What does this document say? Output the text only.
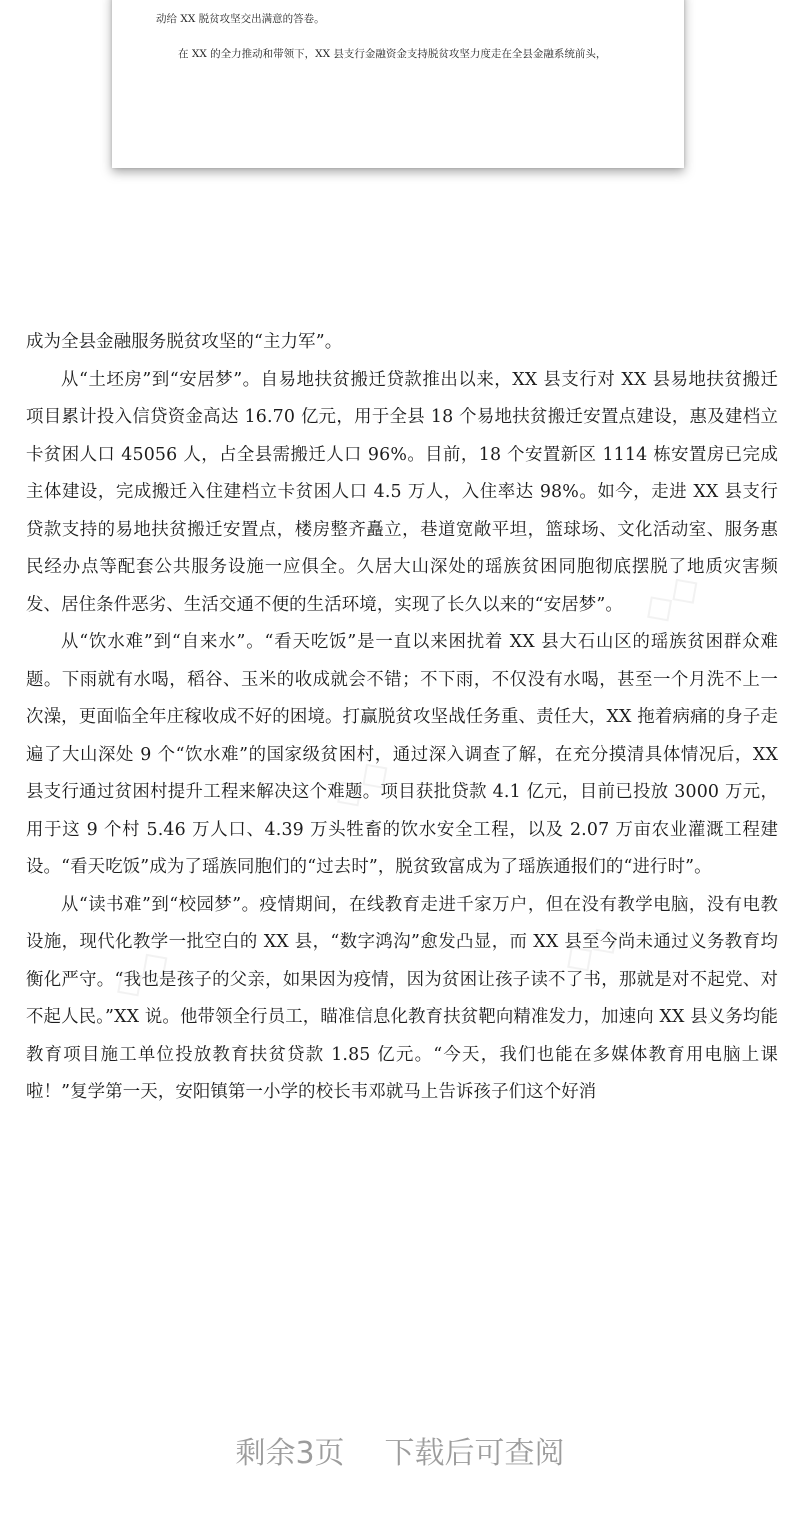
动给 XX 脱贫攻坚交出满意的答卷。
在 XX 的全力推动和带领下，XX 县支行金融资金支持脱贫攻坚力度走在全县金融系统前头，
◇◇
◇◇
◇◇
◇◇

成为全县金融服务脱贫攻坚的“主力军”。

从“土坯房”到“安居梦”。自易地扶贫搬迁贷款推出以来，XX 县支行对 XX 县易地扶贫搬迁项目累计投入信贷资金高达 16.70 亿元，用于全县 18 个易地扶贫搬迁安置点建设，惠及建档立卡贫困人口 45056 人，占全县需搬迁人口 96%。目前，18 个安置新区 1114 栋安置房已完成主体建设，完成搬迁入住建档立卡贫困人口 4.5 万人，入住率达 98%。如今，走进 XX 县支行贷款支持的易地扶贫搬迁安置点，楼房整齐矗立，巷道宽敞平坦，篮球场、文化活动室、服务惠民经办点等配套公共服务设施一应俱全。久居大山深处的瑶族贫困同胞彻底摆脱了地质灾害频发、居住条件恶劣、生活交通不便的生活环境，实现了长久以来的“安居梦”。

从“饮水难”到“自来水”。“看天吃饭”是一直以来困扰着 XX 县大石山区的瑶族贫困群众难题。下雨就有水喝，稻谷、玉米的收成就会不错；不下雨，不仅没有水喝，甚至一个月洗不上一次澡，更面临全年庄稼收成不好的困境。打赢脱贫攻坚战任务重、责任大，XX 拖着病痛的身子走遍了大山深处 9 个“饮水难”的国家级贫困村，通过深入调查了解，在充分摸清具体情况后，XX 县支行通过贫困村提升工程来解决这个难题。项目获批贷款 4.1 亿元，目前已投放 3000 万元，用于这 9 个村 5.46 万人口、4.39 万头牲畜的饮水安全工程，以及 2.07 万亩农业灌溉工程建设。“看天吃饭”成为了瑶族同胞们的“过去时”，脱贫致富成为了瑶族通报们的“进行时”。

从“读书难”到“校园梦”。疫情期间，在线教育走进千家万户，但在没有教学电脑，没有电教设施，现代化教学一批空白的 XX 县，“数字鸿沟”愈发凸显，而 XX 县至今尚未通过义务教育均衡化严守。“我也是孩子的父亲，如果因为疫情，因为贫困让孩子读不了书，那就是对不起党、对不起人民。”XX 说。他带领全行员工，瞄准信息化教育扶贫靶向精准发力，加速向 XX 县义务均能教育项目施工单位投放教育扶贫贷款 1.85 亿元。“今天，我们也能在多媒体教育用电脑上课啦！”复学第一天，安阳镇第一小学的校长韦邓就马上告诉孩子们这个好消

剩余3页 下载后可查阅
